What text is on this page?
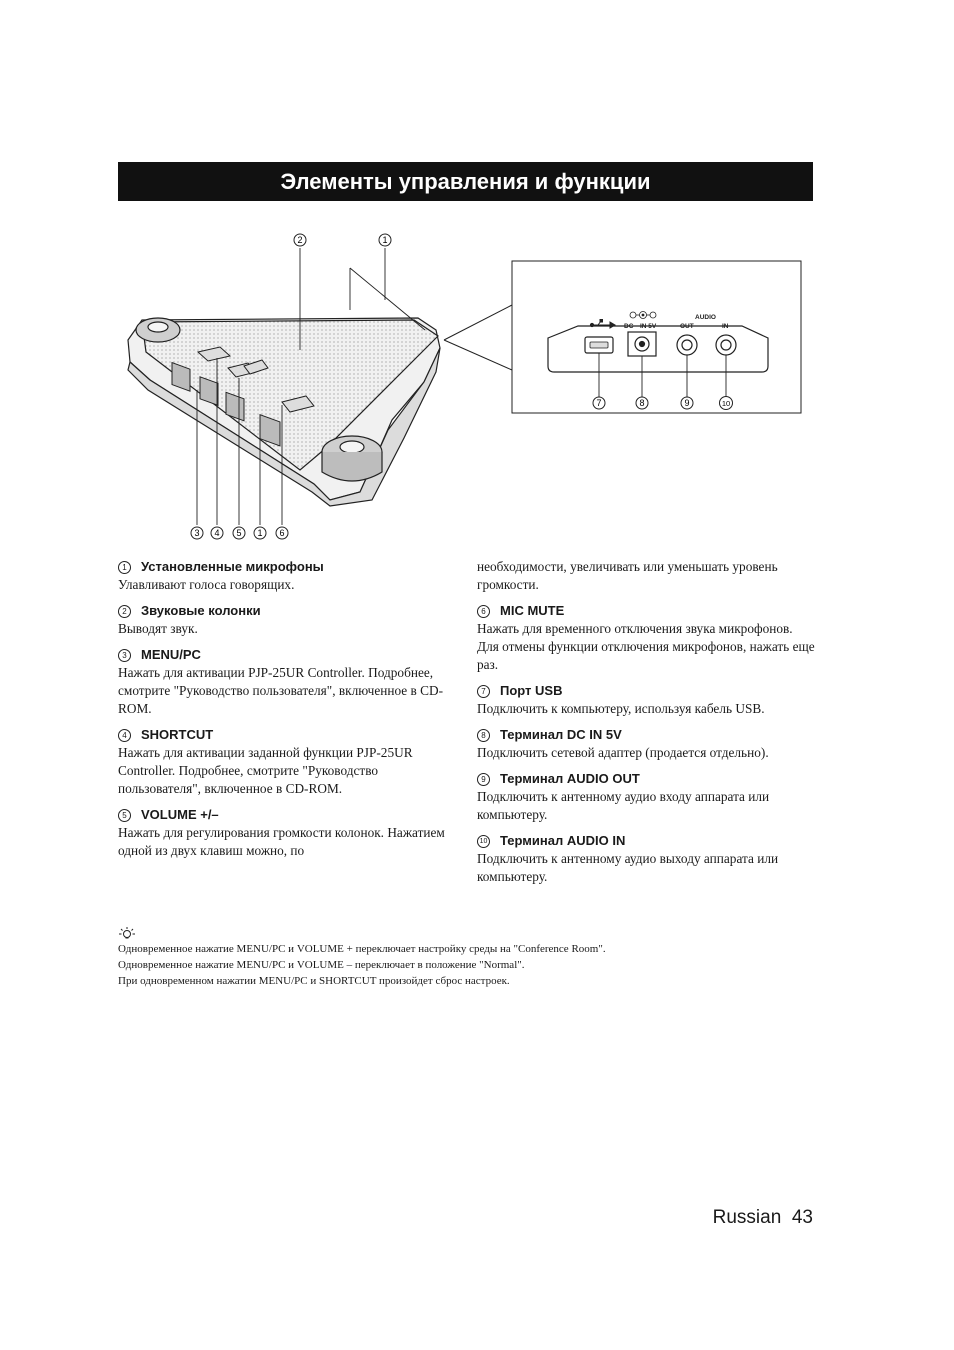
Элементы управления и функции
2	1
3 4 5 1 6
DC IN 5V
AUDIO
OUT	IN
7	8	9	10
1	Установленные микрофоны
Улавливают голоса говорящих.
2	Звуковые колонки
Выводят звук.
3	MENU/PC
Нажать для активации PJP-25UR Controller. Подробнее, смотрите "Руководство пользователя", включенное в CD-ROM.
4	SHORTCUT
Нажать для активации заданной функции PJP-25UR Controller. Подробнее, смотрите "Руководство пользователя", включенное в CD-ROM.
5	VOLUME +/–
Нажать для регулирования громкости колонок. Нажатием одной из двух клавиш можно, по
необходимости, увеличивать или уменьшать уровень громкости.
6	MIC MUTE
Нажать для временного отключения звука микрофонов. Для отмены функции отключения микрофонов, нажать еще раз.
7	Порт USB
Подключить к компьютеру, используя кабель USB.
8	Терминал DC IN 5V
Подключить сетевой адаптер (продается отдельно).
9	Терминал AUDIO OUT
Подключить к антенному аудио входу аппарата или компьютеру.
10 Терминал AUDIO IN
Подключить к антенному аудио выходу аппарата или компьютеру.
Одновременное нажатие MENU/PC и VOLUME + переключает настройку среды на "Conference Room".
Одновременное нажатие MENU/PC и VOLUME – переключает в положение "Normal".
При одновременном нажатии MENU/PC и SHORTCUT произойдет сброс настроек.
Russian 43
